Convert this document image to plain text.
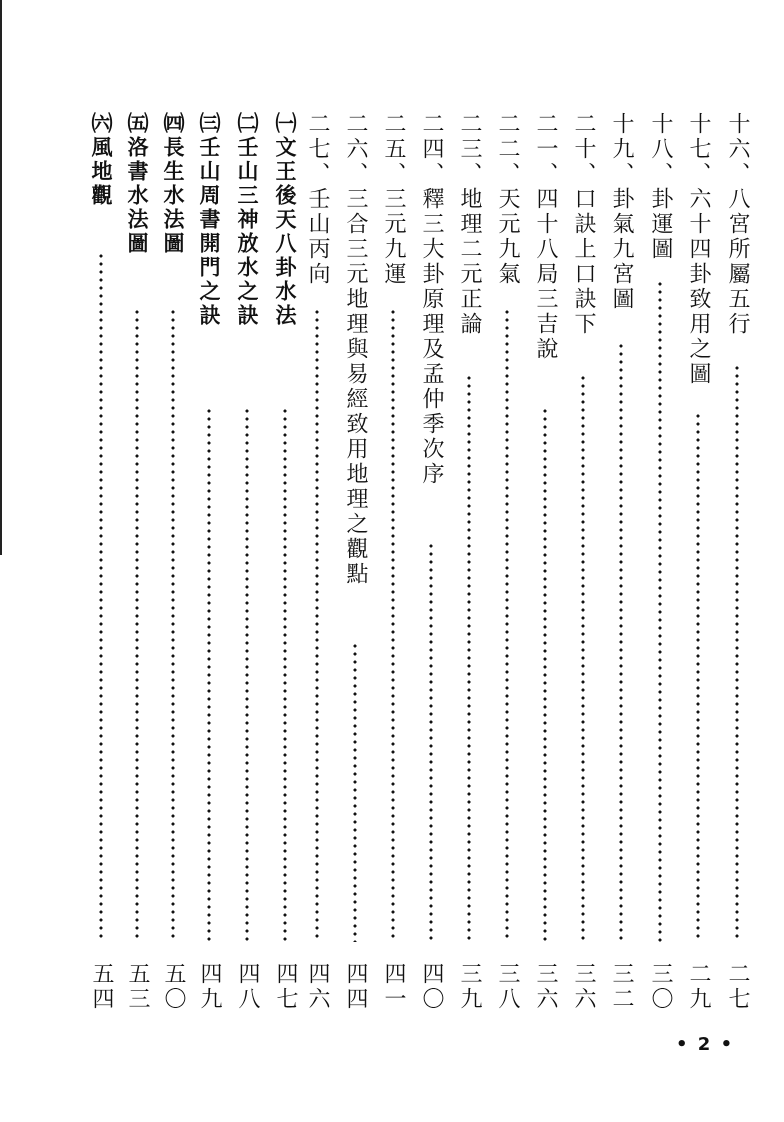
十六、八宮所屬五行
二七
十七、六十四卦致用之圖
二九
十八、卦運圖
三〇
十九、卦氣九宮圖
三二
二十、口訣上口訣下
三六
二一、四十八局三吉說
三六
二二、天元九氣
三八
二三、地理二元正論
三九
二四、釋三大卦原理及孟仲季次序
四〇
二五、三元九運
四一
二六、三合三元地理與易經致用地理之觀點
四四
二七、壬山丙向
四六
㈠文王後天八卦水法
四七
㈡壬山三神放水之訣
四八
㈢壬山周書開門之訣
四九
㈣長生水法圖
五〇
㈤洛書水法圖
五三
㈥風地觀
五四
• 2 •
